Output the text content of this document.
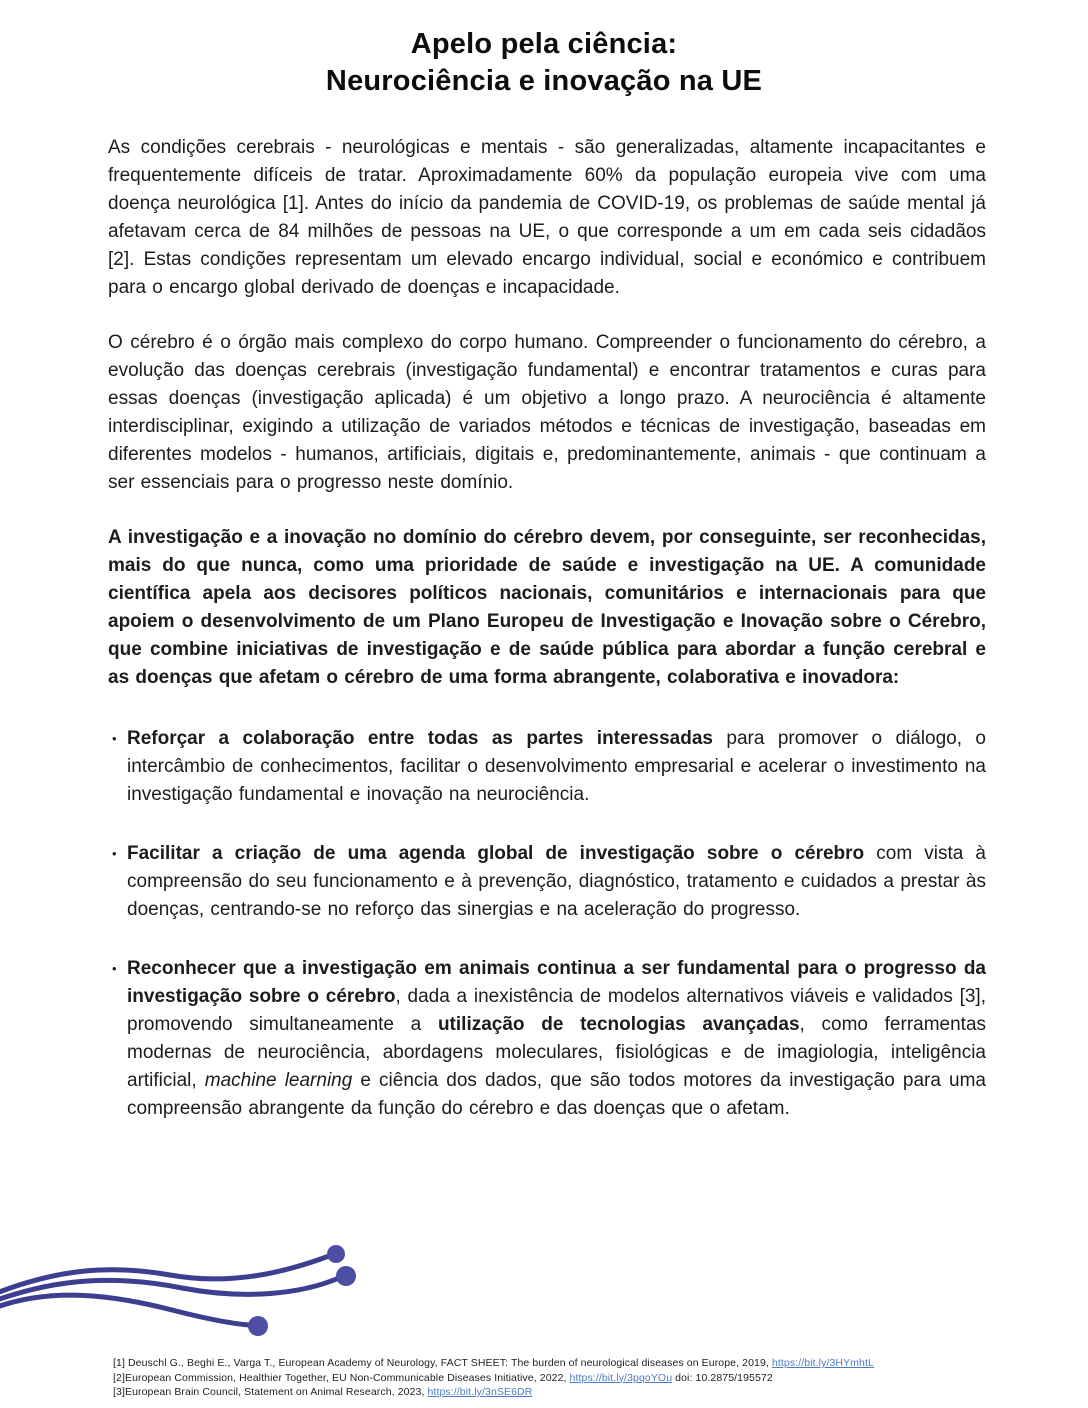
Apelo pela ciência:
Neurociência e inovação na UE

As condições cerebrais - neurológicas e mentais - são generalizadas, altamente incapacitantes e frequentemente difíceis de tratar. Aproximadamente 60% da população europeia vive com uma doença neurológica [1]. Antes do início da pandemia de COVID-19, os problemas de saúde mental já afetavam cerca de 84 milhões de pessoas na UE, o que corresponde a um em cada seis cidadãos [2]. Estas condições representam um elevado encargo individual, social e económico e contribuem para o encargo global derivado de doenças e incapacidade.

O cérebro é o órgão mais complexo do corpo humano. Compreender o funcionamento do cérebro, a evolução das doenças cerebrais (investigação fundamental) e encontrar tratamentos e curas para essas doenças (investigação aplicada) é um objetivo a longo prazo. A neurociência é altamente interdisciplinar, exigindo a utilização de variados métodos e técnicas de investigação, baseadas em diferentes modelos - humanos, artificiais, digitais e, predominantemente, animais - que continuam a ser essenciais para o progresso neste domínio.

A investigação e a inovação no domínio do cérebro devem, por conseguinte, ser reconhecidas, mais do que nunca, como uma prioridade de saúde e investigação na UE. A comunidade científica apela aos decisores políticos nacionais, comunitários e internacionais para que apoiem o desenvolvimento de um Plano Europeu de Investigação e Inovação sobre o Cérebro, que combine iniciativas de investigação e de saúde pública para abordar a função cerebral e as doenças que afetam o cérebro de uma forma abrangente, colaborativa e inovadora:

• Reforçar a colaboração entre todas as partes interessadas para promover o diálogo, o intercâmbio de conhecimentos, facilitar o desenvolvimento empresarial e acelerar o investimento na investigação fundamental e inovação na neurociência.
• Facilitar a criação de uma agenda global de investigação sobre o cérebro com vista à compreensão do seu funcionamento e à prevenção, diagnóstico, tratamento e cuidados a prestar às doenças, centrando-se no reforço das sinergias e na aceleração do progresso.
• Reconhecer que a investigação em animais continua a ser fundamental para o progresso da investigação sobre o cérebro, dada a inexistência de modelos alternativos viáveis e validados [3], promovendo simultaneamente a utilização de tecnologias avançadas, como ferramentas modernas de neurociência, abordagens moleculares, fisiológicas e de imagiologia, inteligência artificial, machine learning e ciência dos dados, que são todos motores da investigação para uma compreensão abrangente da função do cérebro e das doenças que o afetam.
[1] Deuschl G., Beghi E., Varga T., European Academy of Neurology, FACT SHEET: The burden of neurological diseases on Europe, 2019, https://bit.ly/3HYmhtL
[2]European Commission, Healthier Together, EU Non-Communicable Diseases Initiative, 2022, https://bit.ly/3pqoYOu doi: 10.2875/195572
[3]European Brain Council, Statement on Animal Research, 2023, https://bit.ly/3nSE6DR
